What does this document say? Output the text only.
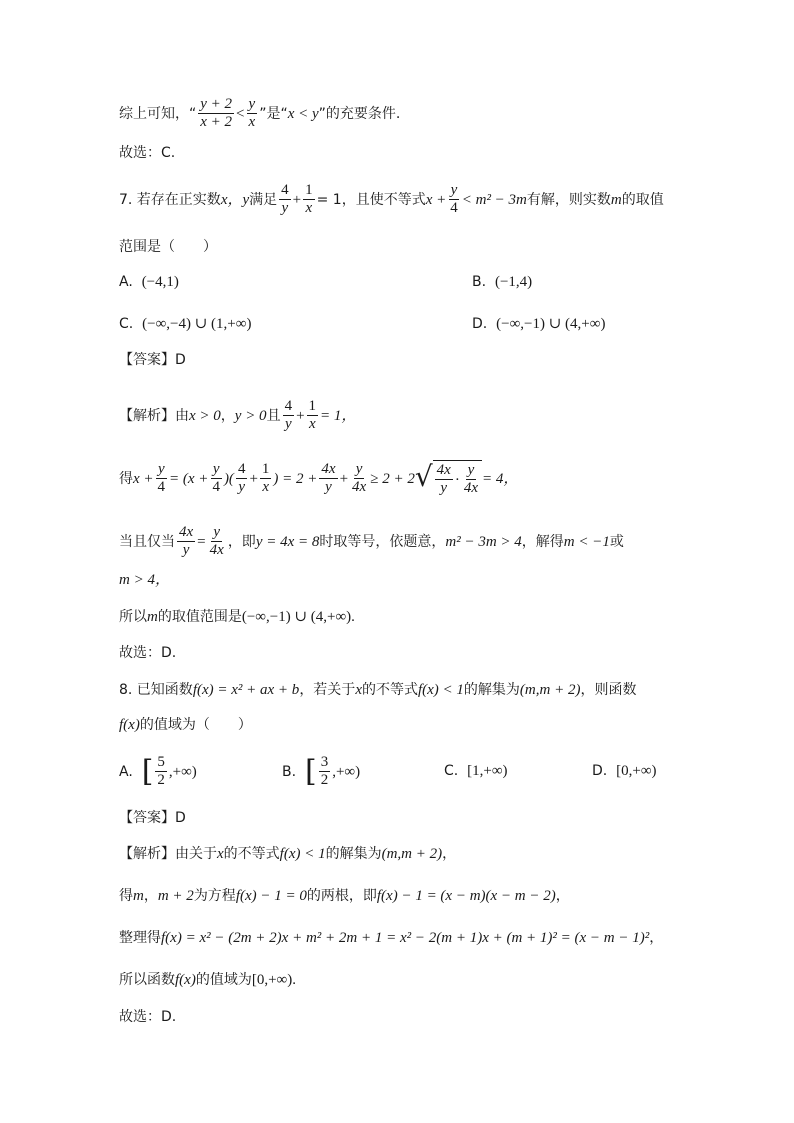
综上可知，“ $\frac{y + 2}{x + 2} < \frac{y}{x}$ ”是“ x < y ”的充要条件.
故选：C.
7. 若存在正实数 x，y 满足 $\frac{4}{y} + \frac{1}{x} = 1$，且使不等式 $x + \frac{y}{4} < m^2 - 3m$ 有解，则实数 m 的取值
范围是（　　）
A.
(−4,1)	B.
(−1,4)
C.
(−∞,−4) ∪ (1,+∞)	D.
(−∞,−1) ∪ (4,+∞)
【答案】D
【解析】 由 x > 0 ， y > 0 且 $\frac{4}{y} + \frac{1}{x} = 1$，
得 $x + \frac{y}{4} = (x + \frac{y}{4}$ )( $\frac{4}{y} + \frac{1}{x}$ ) = $2 + \frac{4x}{y} + \frac{y}{4x} \ge 2 + 2$ √ $\frac{4x}{y} \cdot \frac{y}{4x} = 4$，
当且仅当 $\frac{4x}{y} = \frac{y}{4x}$ ，即 y = 4x = 8 时取等号，依题意， m² − 3m > 4 ，解得 m < −1 或
m > 4，
所以 m 的取值范围是 (−∞,−1) ∪ (4,+∞) .
故选：D.
8. 已知函数 f(x) = x² + ax + b ，若关于 x 的不等式 f(x) < 1 的解集为 (m,m + 2) ，则函数
f(x) 的值域为（　　）
A.
[ $\frac{5}{2}$ , +∞)	B.
[ $\frac{3}{2}$ , +∞)	C.
[1,+∞)	D.
[0,+∞)
【答案】D
【解析】 由关于 x 的不等式 f(x) < 1 的解集为 (m,m + 2) ，
得 m ， m + 2 为方程 f(x) − 1 = 0 的两根，即 f(x) − 1 = (x − m)(x − m − 2) ，
整理得 f(x) = x² − (2m + 2)x + m² + 2m + 1 = x² − 2(m + 1)x + (m + 1)² = (x − m − 1)² ，
所以函数 f(x) 的值域为 [0,+∞) .
故选：D.
